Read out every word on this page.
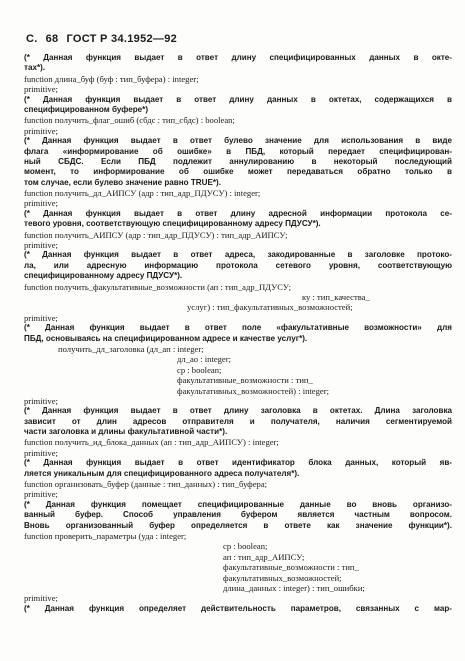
С. 68 ГОСТ Р 34.1952—92
(* Данная функция выдает в ответ длину специфицированных данных в окте-
тах*).
function длина_буф (буф : тип_буфера) : integer;
primitive;
(* Данная функция выдает в ответ длину данных в октетах, содержащихся в
специфицированном буфере*)
function получить_флаг_ошиб (сбдс : тип_сбдс) : boolean;
primitive;
(* Данная функция выдает в ответ булево значение для использования в виде
флага «информирование об ошибке» в ПБД, который передает специфицирован-
ный СБДС. Если ПБД подлежит аннулированию в некоторый последующий
момент, то информирование об ошибке может передаваться обратно только в
том случае, если булево значение равно TRUE*).
function получить_дл_АИПСУ (адр : тип_адр_ПДУСУ) : integer;
primitive;
(* Данная функция выдает в ответ длину адресной информации протокола се-
тевого уровня, соответствующую специфицированному адресу ПДУСУ*).
function получить_АИПСУ (адр : тип_адр_ПДУСУ) : тип_адр_АИПСУ;
primitive;
(* Данная функция выдает в ответ адреса, закодированные в заголовке протоко-
ла, или адресную информацию протокола сетевого уровня, соответствующую
специфицированному адресу ПДУСУ*).
function получить_факультативные_возможности (ап : тип_адр_ПДУСУ;
ку : тип_качества_
услуг) : тип_факультативных_возможностей;
primitive;
(* Данная функция выдает в ответ поле «факультативные возможности» для
ПБД, основываясь на специфицированном адресе и качестве услуг*).
получить_дл_заголовка (дл_ап : integer;
дл_ao : integer;
cp : boolean;
факультативные_возможности : тип_
факультативных_возможностей) : integer;
primitive;
(* Данная функция выдает в ответ длину заголовка в октетах. Длина заголовка
зависит от длин адресов отправителя и получателя, наличия сегментируемой
части заголовка и длины факультативной части*).
function получить_ид_блока_данных (ап : тип_адр_АИПСУ) : integer;
primitive;
(* Данная функция выдает в ответ идентификатор блока данных, который яв-
ляется уникальным для специфицированного адреса получателя*).
function организовать_буфер (данные : тип_данных) : тип_буфера;
primitive;
(* Данная функция помещает специфицированные данные во вновь организо-
ванный буфер. Способ управления буфером является частным вопросом.
Вновь организованный буфер определяется в ответе как значение функции*).
function проверить_параметры (уда : integer;
cp : boolean;
ап : тип_адр_АИПСУ;
факультативные_возможности : тип_
факультативных_возможностей;
длина_данных : integer) : тип_ошибки;
primitive;
(* Данная функция определяет действительность параметров, связанных с мар-
